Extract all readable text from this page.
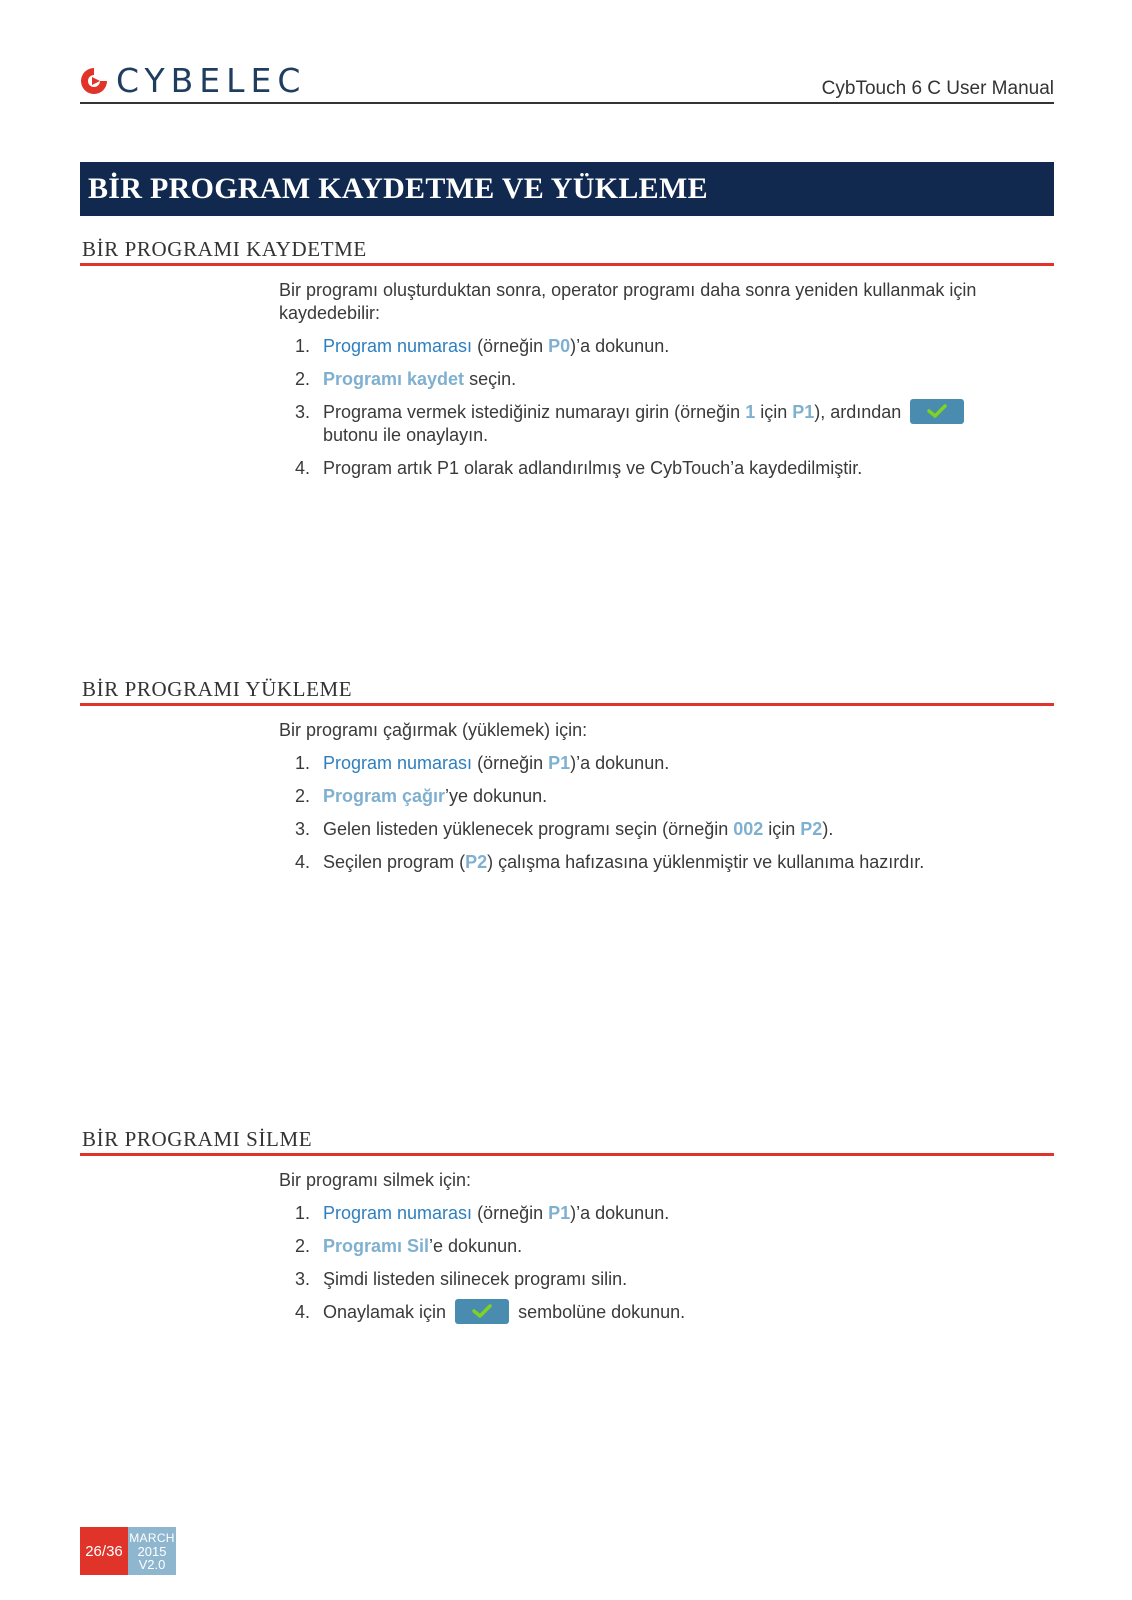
CYBELEC	CybTouch 6 C User Manual
BİR PROGRAM KAYDETME VE YÜKLEME
BİR PROGRAMI KAYDETME
Bir programı oluşturduktan sonra, operator programı daha sonra yeniden kullanmak için kaydedebilir:
1. Program numarası (örneğin P0)’a dokunun.
2. Programı kaydet seçin.
3. Programa vermek istediğiniz numarayı girin (örneğin 1 için P1), ardından

butonu ile onaylayın.
4. Program artık P1 olarak adlandırılmış ve CybTouch’a kaydedilmiştir.
BİR PROGRAMI YÜKLEME
Bir programı çağırmak (yüklemek) için:
1. Program numarası (örneğin P1)’a dokunun.
2. Program çağır’ye dokunun.
3. Gelen listeden yüklenecek programı seçin (örneğin 002 için P2).
4. Seçilen program (P2) çalışma hafızasına yüklenmiştir ve kullanıma hazırdır.
BİR PROGRAMI SİLME
Bir programı silmek için:
1. Program numarası (örneğin P1)’a dokunun.
2. Programı Sil’e dokunun.
3. Şimdi listeden silinecek programı silin.
4. Onaylamak için	sembolüne dokunun.
26/36
MARCH
2015
V2.0
